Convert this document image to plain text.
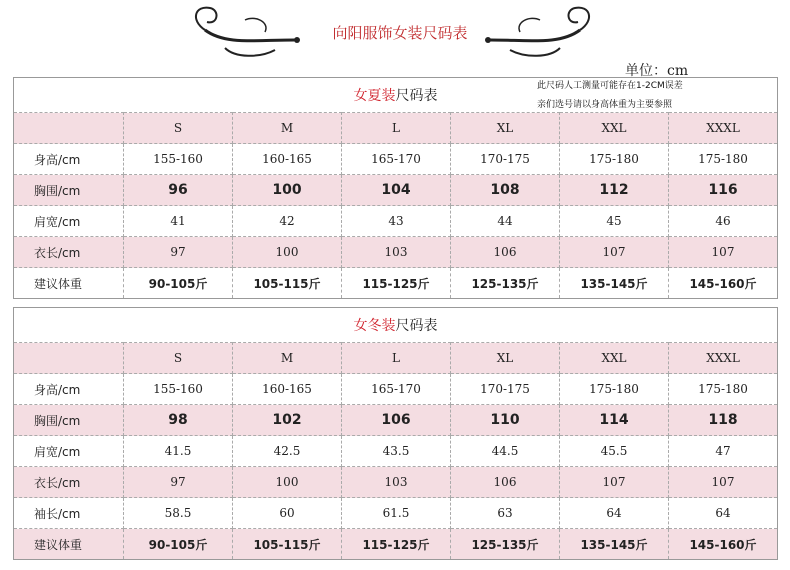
向阳服饰女装尺码表
单位：cm
女夏装尺码表
此尺码人工测量可能存在1-2CM误差
亲们选号请以身高体重为主要参照						

	S	M	L	XL	XXL	XXXL
身高/cm	155-160	160-165	165-170	170-175	175-180	175-180
胸围/cm	96	100	104	108	112	116
肩宽/cm	41	42	43	44	45	46
衣长/cm	97	100	103	106	107	107
建议体重	90-105斤	105-115斤	115-125斤	125-135斤	135-145斤	145-160斤
女冬装尺码表						
	S	M	L	XL	XXL	XXXL
身高/cm	155-160	160-165	165-170	170-175	175-180	175-180
胸围/cm	98	102	106	110	114	118
肩宽/cm	41.5	42.5	43.5	44.5	45.5	47
衣长/cm	97	100	103	106	107	107
袖长/cm	58.5	60	61.5	63	64	64
建议体重	90-105斤	105-115斤	115-125斤	125-135斤	135-145斤	145-160斤
